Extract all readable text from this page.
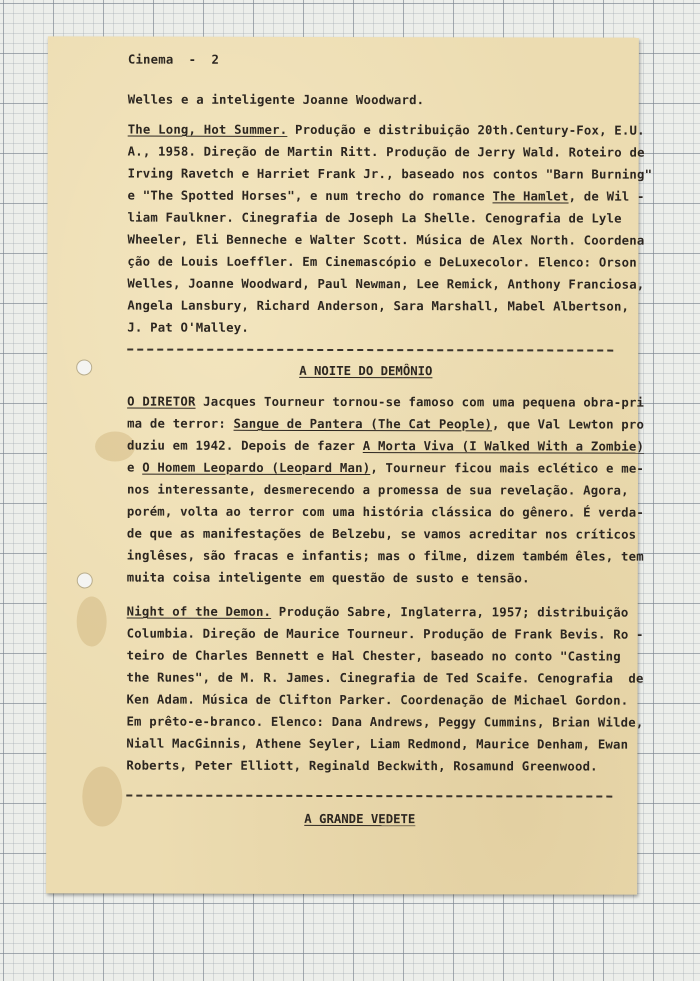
Cinema  -  2
Welles e a inteligente Joanne Woodward.
The Long, Hot Summer. Produção e distribuição 20th.Century-Fox, E.U.
A., 1958. Direção de Martin Ritt. Produção de Jerry Wald. Roteiro de
Irving Ravetch e Harriet Frank Jr., baseado nos contos "Barn Burning"
e "The Spotted Horses", e num trecho do romance The Hamlet, de Wil -
liam Faulkner. Cinegrafia de Joseph La Shelle. Cenografia de Lyle
Wheeler, Eli Benneche e Walter Scott. Música de Alex North. Coordena
ção de Louis Loeffler. Em Cinemascópio e DeLuxecolor. Elenco: Orson
Welles, Joanne Woodward, Paul Newman, Lee Remick, Anthony Franciosa,
Angela Lansbury, Richard Anderson, Sara Marshall, Mabel Albertson,
J. Pat O'Malley.
A NOITE DO DEMÔNIO
O DIRETOR Jacques Tourneur tornou-se famoso com uma pequena obra-pri
ma de terror: Sangue de Pantera (The Cat People), que Val Lewton pro
duziu em 1942. Depois de fazer A Morta Viva (I Walked With a Zombie)
e O Homem Leopardo (Leopard Man), Tourneur ficou mais eclético e me-
nos interessante, desmerecendo a promessa de sua revelação. Agora,
porém, volta ao terror com uma história clássica do gênero. É verda-
de que as manifestações de Belzebu, se vamos acreditar nos críticos
inglêses, são fracas e infantis; mas o filme, dizem também êles, tem
muita coisa inteligente em questão de susto e tensão.
Night of the Demon. Produção Sabre, Inglaterra, 1957; distribuição
Columbia. Direção de Maurice Tourneur. Produção de Frank Bevis. Ro -
teiro de Charles Bennett e Hal Chester, baseado no conto "Casting
the Runes", de M. R. James. Cinegrafia de Ted Scaife. Cenografia  de
Ken Adam. Música de Clifton Parker. Coordenação de Michael Gordon.
Em prêto-e-branco. Elenco: Dana Andrews, Peggy Cummins, Brian Wilde,
Niall MacGinnis, Athene Seyler, Liam Redmond, Maurice Denham, Ewan
Roberts, Peter Elliott, Reginald Beckwith, Rosamund Greenwood.
A GRANDE VEDETE
